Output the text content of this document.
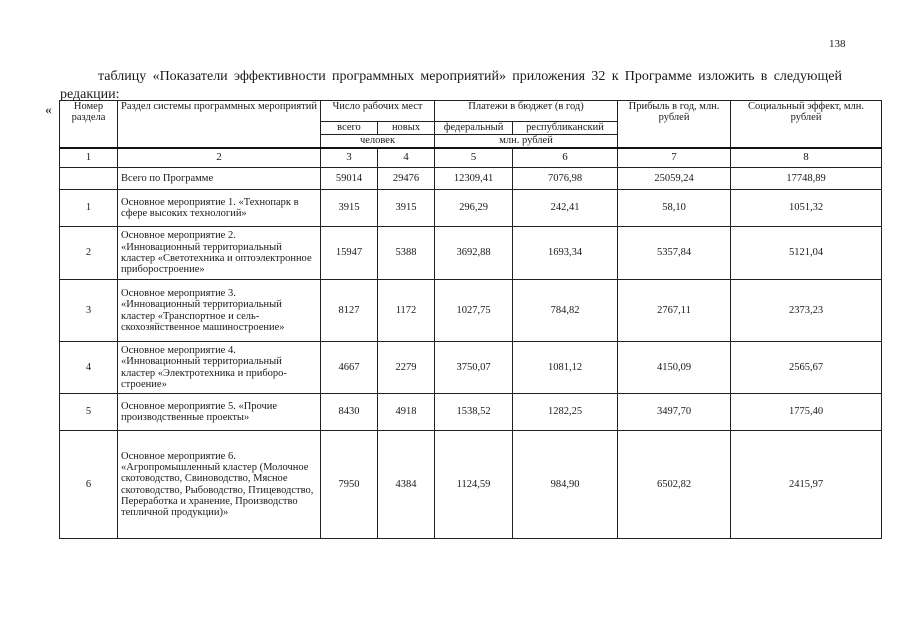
138
таблицу «Показатели эффективности программных мероприятий» приложения 32 к Программе изложить в следующей редакции:
« Номер раздела	Раздел системы программных мероприятий	Число рабочих мест		Платежи в бюджет (в год)		Прибыль в год, млн. рублей	Социальный эффект, млн. рублей
		всего	новых	федеральный	республиканский		
		человек		млн. рублей			
1	2	3	4	5	6	7	8
	Всего по Программе	59014	29476	12309,41	7076,98	25059,24	17748,89
1	Основное мероприятие 1. «Технопарк в сфере высоких технологий»	3915	3915	296,29	242,41	58,10	1051,32
2	Основное мероприятие 2. «Инновационный территориальный кластер «Светотехника и оптоэлектронное приборостроение»	15947	5388	3692,88	1693,34	5357,84	5121,04
3	Основное мероприятие 3. «Инновационный территориальный кластер «Транспортное и сель-скохозяйственное машиностроение»	8127	1172	1027,75	784,82	2767,11	2373,23
4	Основное мероприятие 4. «Инновационный территориальный кластер «Электротехника и приборо-строение»	4667	2279	3750,07	1081,12	4150,09	2565,67
5	Основное мероприятие 5. «Прочие производственные проекты»	8430	4918	1538,52	1282,25	3497,70	1775,40
6	Основное мероприятие 6. «Агропромышленный кластер (Молочное скотоводство, Свиноводство, Мясное скотоводство, Рыбоводство, Птицеводство, Переработка и хранение, Производство тепличной продукции)»	7950	4384	1124,59	984,90	6502,82	2415,97
